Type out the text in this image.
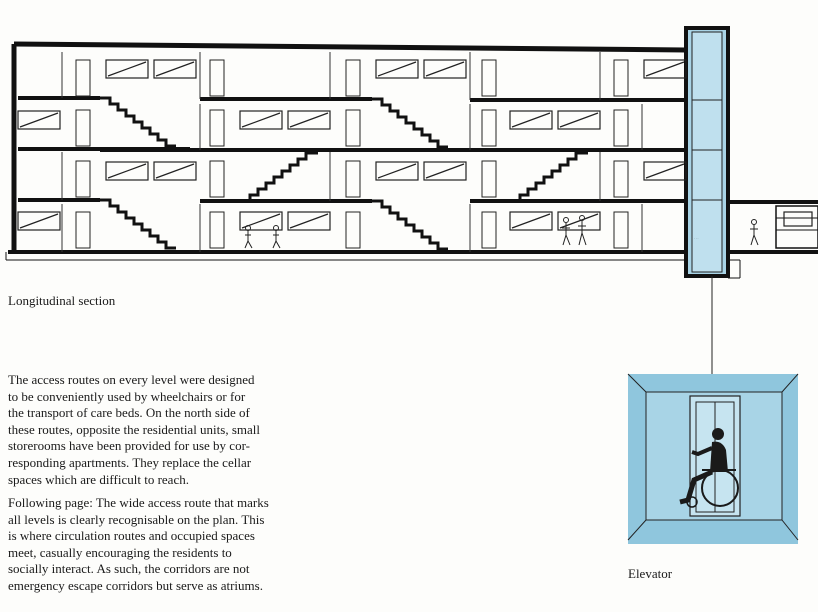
· · ·
Longitudinal section
The access routes on every level were designed
to be conveniently used by wheelchairs or for
the transport of care beds. On the north side of
these routes, opposite the residential units, small
storerooms have been provided for use by cor-
responding apartments. They replace the cellar
spaces which are difficult to reach.
Following page: The wide access route that marks
all levels is clearly recognisable on the plan. This
is where circulation routes and occupied spaces
meet, casually encouraging the residents to
socially interact. As such, the corridors are not
emergency escape corridors but serve as atriums.
Elevator
